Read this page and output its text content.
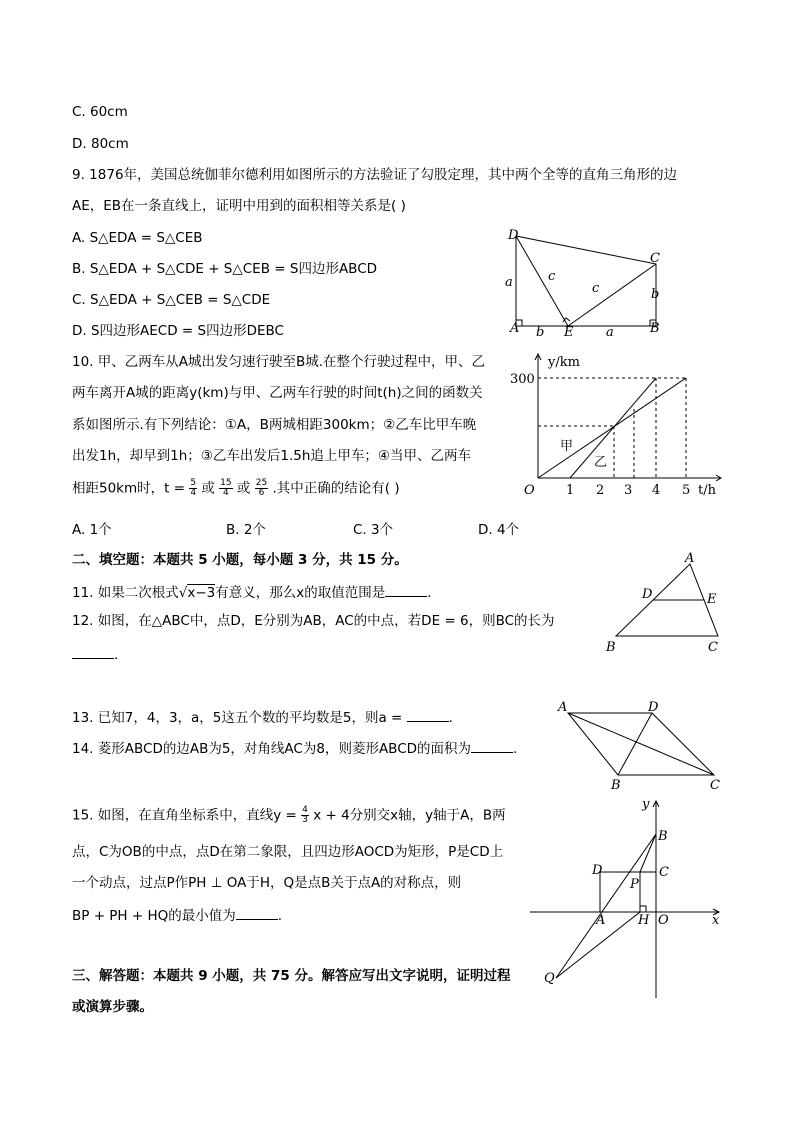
C. 60cm
D. 80cm
9. 1876年，美国总统伽菲尔德利用如图所示的方法验证了勾股定理，其中两个全等的直角三角形的边
AE，EB在一条直线上，证明中用到的面积相等关系是( )
A. S△EDA = S△CEB
B. S△EDA + S△CDE + S△CEB = S四边形ABCD
C. S△EDA + S△CEB = S△CDE
D. S四边形AECD = S四边形DEBC
10. 甲、乙两车从A城出发匀速行驶至B城.在整个行驶过程中，甲、乙
两车离开A城的距离y(km)与甲、乙两车行驶的时间t(h)之间的函数关
系如图所示.有下列结论：①A，B两城相距300km；②乙车比甲车晚
出发1h，却早到1h；③乙车出发后1.5h追上甲车；④当甲、乙两车
相距50km时，$t = \frac{5}{4}$ 或 $\frac{15}{4}$ 或 $\frac{25}{6}$ .其中正确的结论有( )
A. 1个	B. 2个	C. 3个	D. 4个
二、填空题：本题共 5 小题，每小题 3 分，共 15 分。
11. 如果二次根式√x−3有意义，那么x的取值范围是	.
12. 如图，在△ABC中，点D，E分别为AB，AC的中点，若DE = 6，则BC的长为
.
13. 已知7，4，3，a，5这五个数的平均数是5，则a =	.
14. 菱形ABCD的边AB为5，对角线AC为8，则菱形ABCD的面积为	.
15. 如图，在直角坐标系中，直线$y = \frac{4}{3}$ x + 4分别交x轴，y轴于A，B两
点，C为OB的中点，点D在第二象限，且四边形AOCD为矩形，P是CD上
一个动点，过点P作PH ⊥ OA于H，Q是点B关于点A的对称点，则
BP + PH + HQ的最小值为	.
三、解答题：本题共 9 小题，共 75 分。解答应写出文字说明，证明过程
或演算步骤。
D
C
A	E	B
a
b
c
c	b
a
y/km
300
甲
乙
O 1 2 3 4 5 t/h
A
D	E
B	C
A	D
B	C
y
B
D	C
P
A	H O	x
Q
